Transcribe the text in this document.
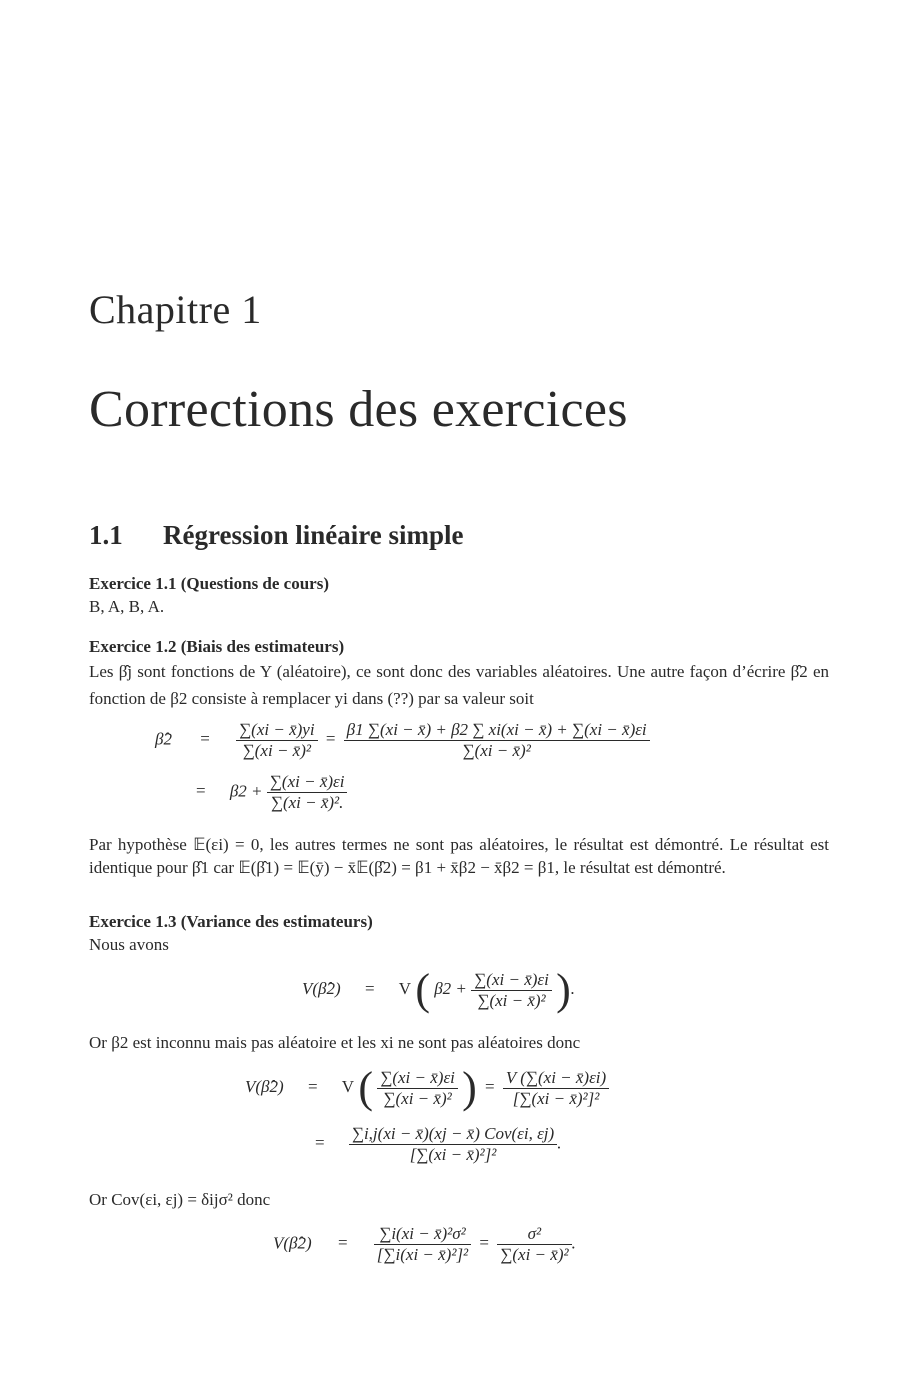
Chapitre 1
Corrections des exercices
1.1 Régression linéaire simple
Exercice 1.1 (Questions de cours)
B, A, B, A.
Exercice 1.2 (Biais des estimateurs)
Les β̂j sont fonctions de Y (aléatoire), ce sont donc des variables aléatoires. Une autre façon d’écrire β̂2 en fonction de β2 consiste à remplacer yi dans (??) par sa valeur soit
β̂2 = $\frac{\sum(xi - x̄)yi}{\text{∑(xi − x̄)²}} = \frac{\beta 1 \sum(xi - x̄) + \beta 2 \sum xi(xi - x̄) + \sum(xi - x̄)\varepsilon i}{\text{∑(xi − x̄)²}}$
= $\beta 2 + \frac{\sum(xi - x̄)\varepsilon i}{\text{∑(xi − x̄)².}}$
Par hypothèse 𝔼(εi) = 0, les autres termes ne sont pas aléatoires, le résultat est démontré. Le résultat est identique pour β̂1 car 𝔼(β̂1) = 𝔼(ȳ) − x̄𝔼(β̂2) = β1 + x̄β2 − x̄β2 = β1, le résultat est démontré.
Exercice 1.3 (Variance des estimateurs)
Nous avons
V(β̂2) = V ( $\beta 2 + \frac{\sum(xi - x̄)\varepsilon i}{\text{∑(xi − x̄)²}}$ ).
Or β2 est inconnu mais pas aléatoire et les xi ne sont pas aléatoires donc
V(β̂2) = V ( $\frac{\sum(xi - x̄)\varepsilon i}{\text{∑(xi − x̄)²}}$ ) = $\frac{V (\sum(xi - x̄)\varepsilon i)}{\text{[∑(xi − x̄)²]²}}$
= $\frac{\text{∑i,j(xi − x̄)(xj − x̄) Cov(εi, εj)}}{\text{[∑(xi − x̄)²]²}}$ .
Or Cov(εi, εj) = δijσ² donc
V(β̂2) = $\frac{\text{∑i(xi − x̄)²σ²}}{\text{[∑i(xi − x̄)²]²}} = \frac{\text{σ²}}{\text{∑(xi − x̄)²}}$ .
